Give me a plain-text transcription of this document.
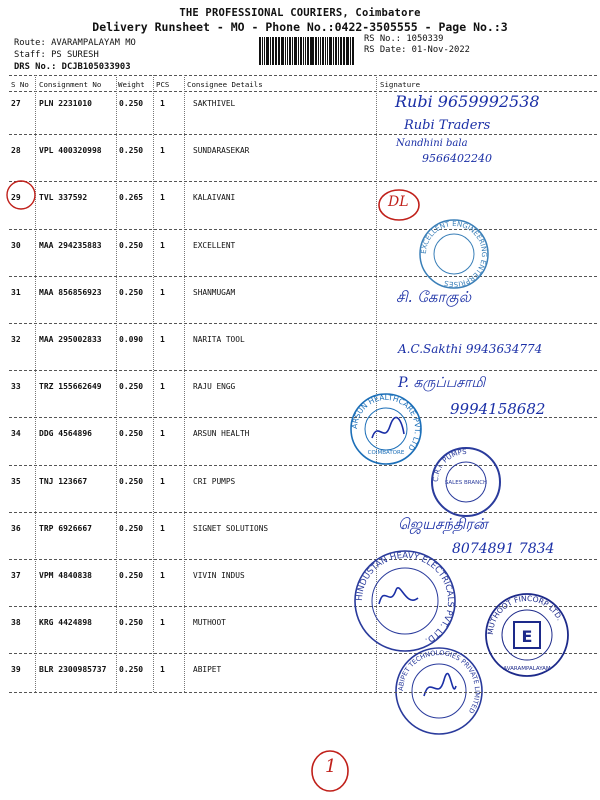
THE PROFESSIONAL COURIERS, Coimbatore
Delivery Runsheet - MO - Phone No.:0422-3505555 - Page No.:3
Route: AVARAMPALAYAM MO
Staff: PS SURESH
DRS No.: DCJB105033903
RS No.: 1050339
RS Date: 01-Nov-2022
S No Consignment No Weight PCS Consignee Details	Signature
27 PLN 2231010	0.250 1	SAKTHIVEL
28 VPL 400320998 0.250 1	SUNDARASEKAR
29 TVL 337592	0.265 1	KALAIVANI
30 MAA 294235883 0.250 1	EXCELLENT
31 MAA 856856923 0.250 1	SHANMUGAM
32 MAA 295002833 0.090 1	NARITA TOOL
33 TRZ 155662649 0.250 1	RAJU ENGG
34 DDG 4564896	0.250 1	ARSUN HEALTH
35 TNJ 123667	0.250 1	CRI PUMPS
36 TRP 6926667	0.250 1	SIGNET SOLUTIONS
37 VPM 4840838	0.250 1	VIVIN INDUS
38 KRG 4424898	0.250 1	MUTHOOT
39 BLR 2300985737 0.250 1	ABIPET
Rubi 9659992538
Rubi Traders
Nandhini bala
9566402240
DL
சி. கோகுல்
A.C.Sakthi 9943634774
P. கருப்பசாமி
9994158682
ஜெயசந்திரன்
8074891 7834
EXCELLENT ENGINEERING ENTERPRISES
ARSUN HEALTHCARE PVT. LTD
COIMBATORE
C.R.I. PUMPS
SALES BRANCH
HINDUSTAN HEAVY ELECTRICALS PVT. LTD.
MUTHOOT FINCORP LTD.
AVARAMPALAYAM
E
ABIPET TECHNOLOGIES PRIVATE LIMITED
1
